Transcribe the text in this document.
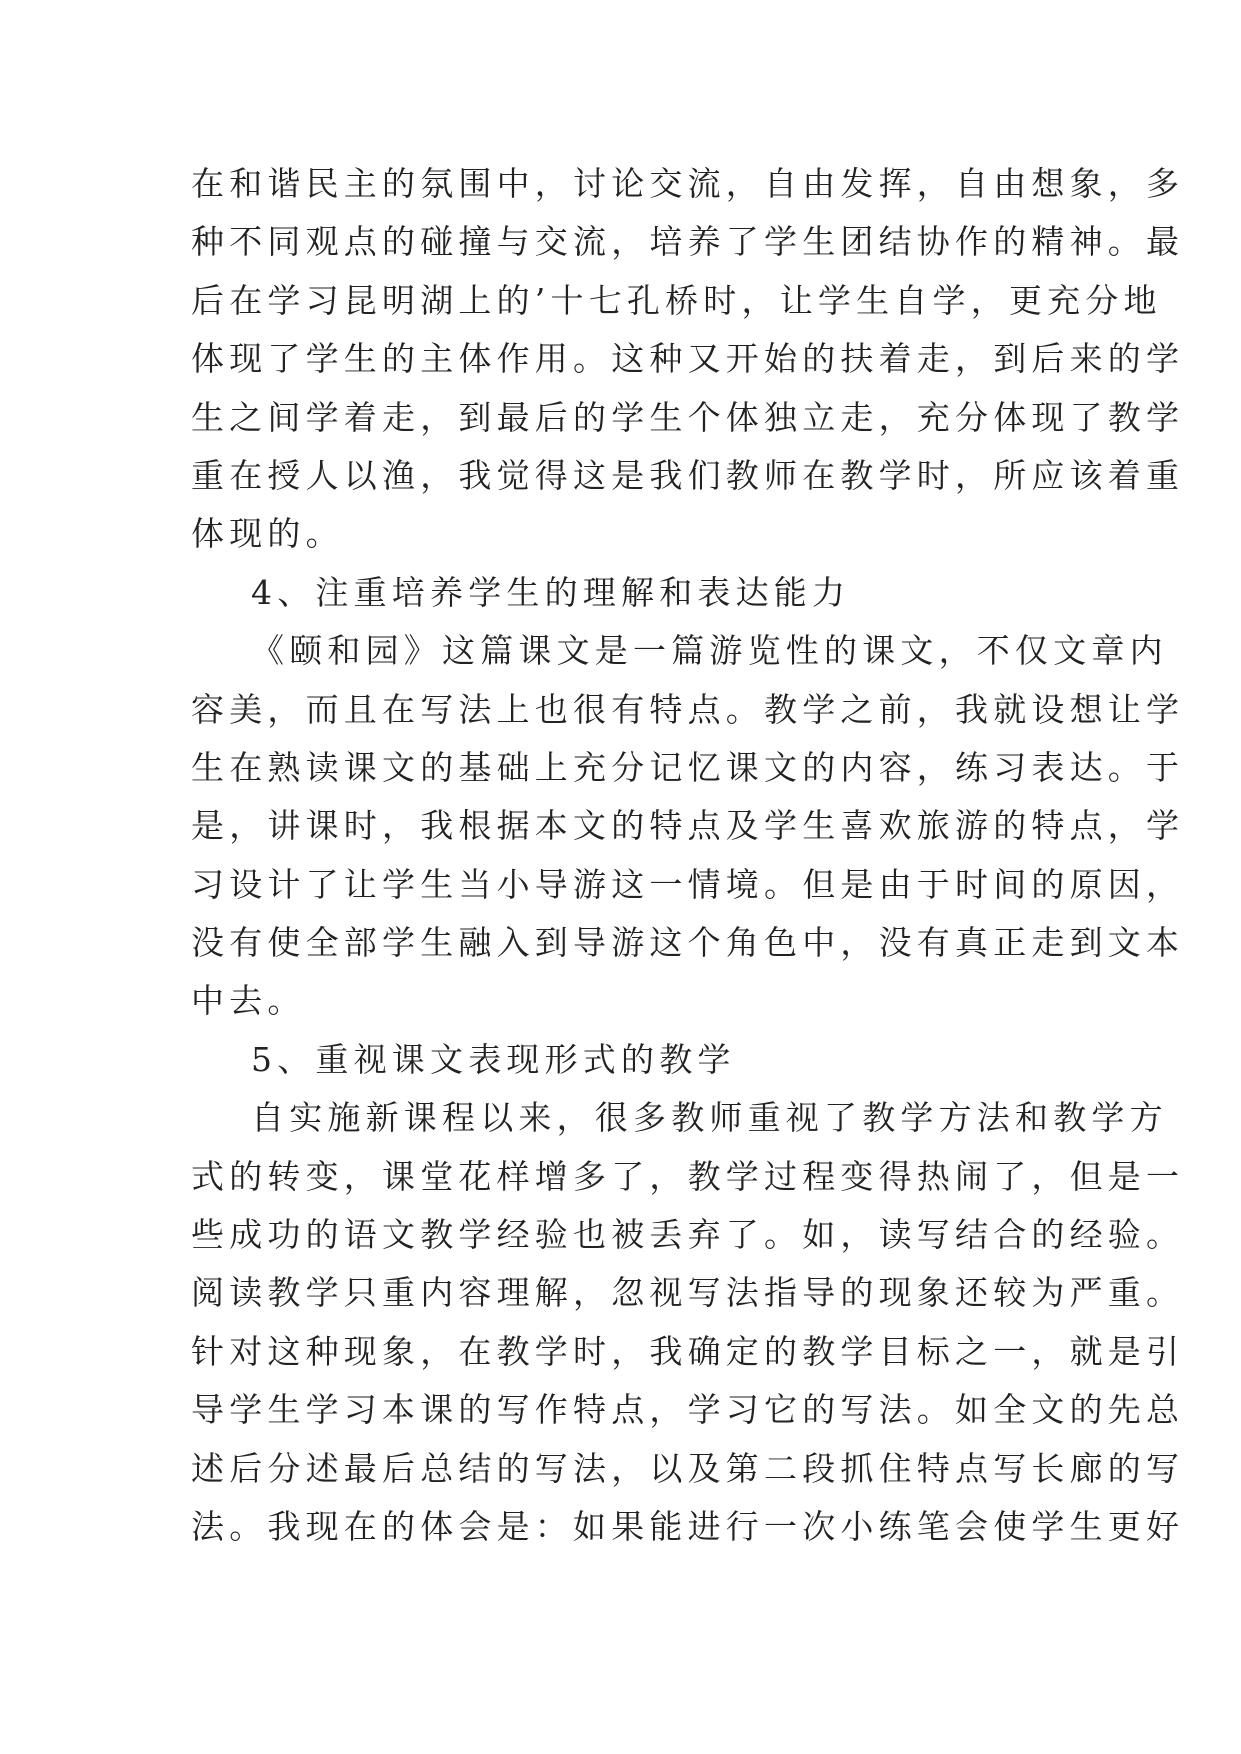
在和谐民主的氛围中，讨论交流，自由发挥，自由想象，多
种不同观点的碰撞与交流，培养了学生团结协作的精神。最
后在学习昆明湖上的’十七孔桥时，让学生自学，更充分地
体现了学生的主体作用。这种又开始的扶着走，到后来的学
生之间学着走，到最后的学生个体独立走，充分体现了教学
重在授人以渔，我觉得这是我们教师在教学时，所应该着重
体现的。
4、注重培养学生的理解和表达能力
《颐和园》这篇课文是一篇游览性的课文，不仅文章内
容美，而且在写法上也很有特点。教学之前，我就设想让学
生在熟读课文的基础上充分记忆课文的内容，练习表达。于
是，讲课时，我根据本文的特点及学生喜欢旅游的特点，学
习设计了让学生当小导游这一情境。但是由于时间的原因，
没有使全部学生融入到导游这个角色中，没有真正走到文本
中去。
5、重视课文表现形式的教学
自实施新课程以来，很多教师重视了教学方法和教学方
式的转变，课堂花样增多了，教学过程变得热闹了，但是一
些成功的语文教学经验也被丢弃了。如，读写结合的经验。
阅读教学只重内容理解，忽视写法指导的现象还较为严重。
针对这种现象，在教学时，我确定的教学目标之一，就是引
导学生学习本课的写作特点，学习它的写法。如全文的先总
述后分述最后总结的写法，以及第二段抓住特点写长廊的写
法。我现在的体会是：如果能进行一次小练笔会使学生更好
